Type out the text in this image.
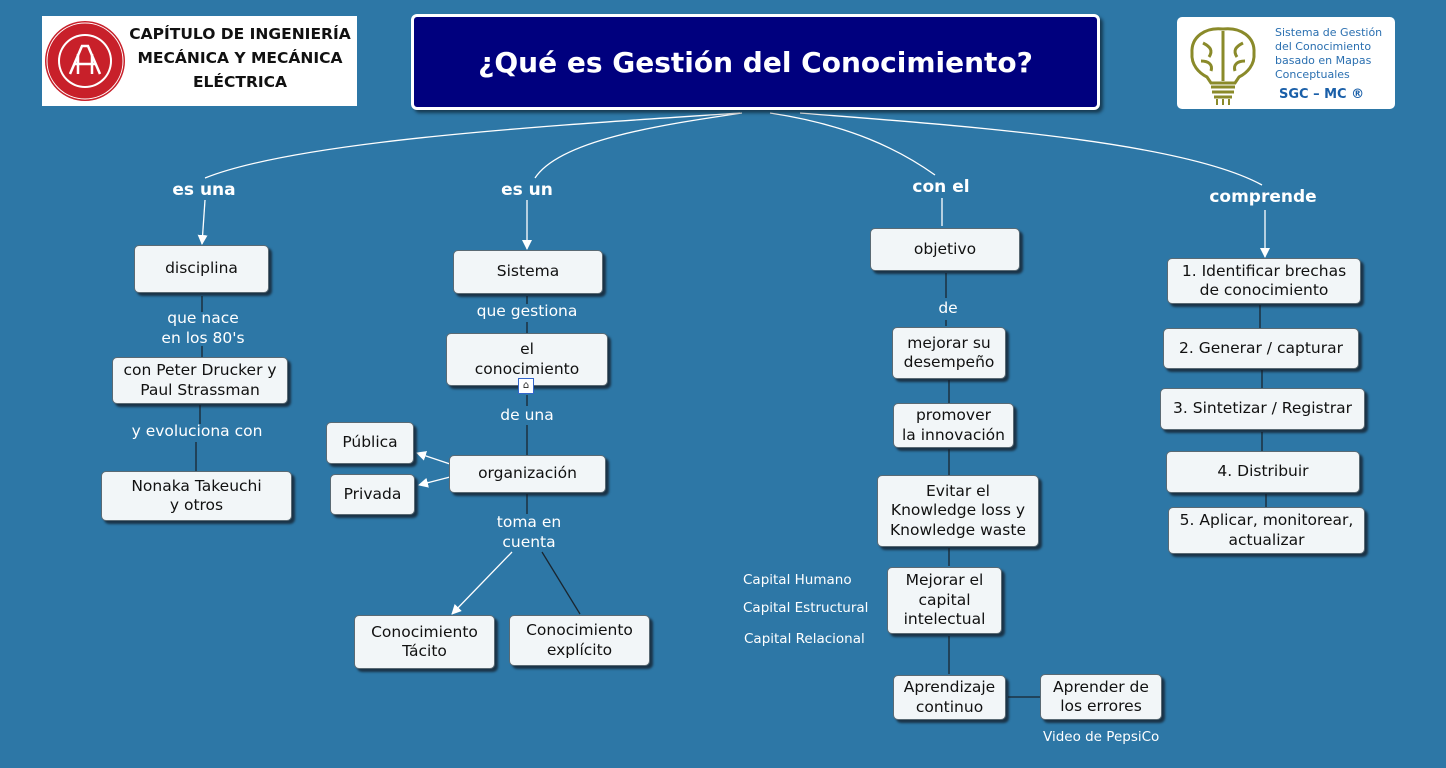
CAPÍTULO DE INGENIERÍA
MECÁNICA Y MECÁNICA
ELÉCTRICA
¿Qué es Gestión del Conocimiento?
Sistema de Gestión
del Conocimiento
basado en Mapas
Conceptuales
SGC – MC ®
es una	es un	con el	comprende
disciplina
que nace
en los 80's
con Peter Drucker y
Paul Strassman
y evoluciona con
Nonaka Takeuchi
y otros
Sistema
que gestiona
el
conocimiento
⌂
de una
organización
Pública
Privada
toma en
cuenta
Conocimiento
Tácito
Conocimiento
explícito
objetivo
de
mejorar su
desempeño
promover
la innovación
Evitar el
Knowledge loss y
Knowledge waste
Mejorar el
capital
intelectual
Aprendizaje
continuo
Aprender de
los errores
Capital Humano
Capital Estructural
Capital Relacional
Video de PepsiCo
1. Identificar brechas
de conocimiento
2. Generar / capturar
3. Sintetizar / Registrar
4. Distribuir
5. Aplicar, monitorear,
actualizar
